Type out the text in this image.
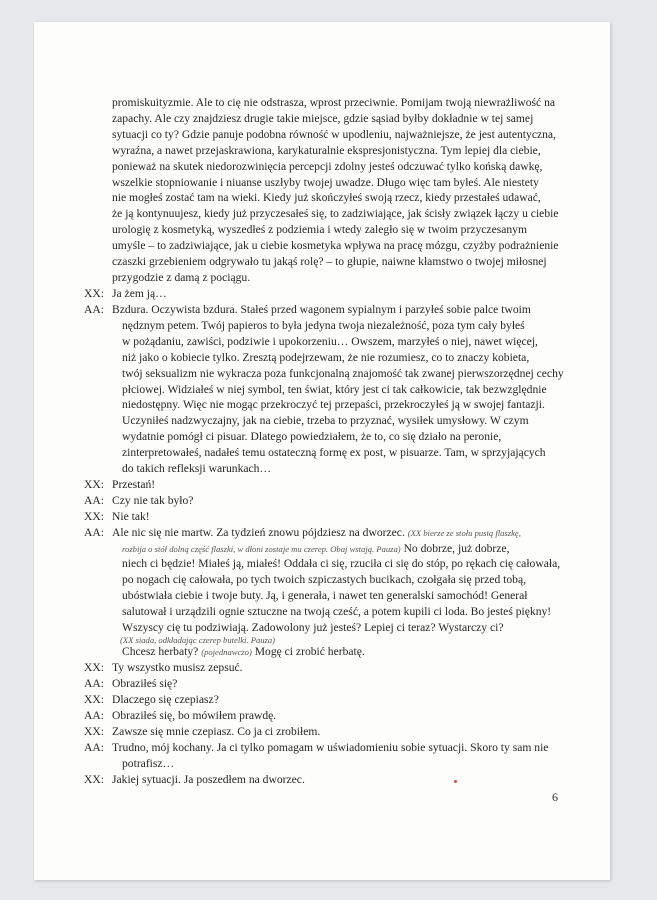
promiskuityzmie. Ale to cię nie odstrasza, wprost przeciwnie. Pomijam twoją niewrażliwość na
zapachy. Ale czy znajdziesz drugie takie miejsce, gdzie sąsiad byłby dokładnie w tej samej
sytuacji co ty? Gdzie panuje podobna równość w upodleniu, najważniejsze, że jest autentyczna,
wyraźna, a nawet przejaskrawiona, karykaturalnie ekspresjonistyczna. Tym lepiej dla ciebie,
ponieważ na skutek niedorozwinięcia percepcji zdolny jesteś odczuwać tylko końską dawkę,
wszelkie stopniowanie i niuanse uszłyby twojej uwadze. Długo więc tam byłeś. Ale niestety
nie mogłeś zostać tam na wieki. Kiedy już skończyłeś swoją rzecz, kiedy przestałeś udawać,
że ją kontynuujesz, kiedy już przyczesałeś się, to zadziwiające, jak ścisły związek łączy u ciebie
urologię z kosmetyką, wyszedłeś z podziemia i wtedy zaległo się w twoim przyczesanym
umyśle – to zadziwiające, jak u ciebie kosmetyka wpływa na pracę mózgu, czyżby podrażnienie
czaszki grzebieniem odgrywało tu jakąś rolę? – to głupie, naiwne kłamstwo o twojej miłosnej
przygodzie z damą z pociągu.
XX: Ja żem ją…
AA: Bzdura. Oczywista bzdura. Stałeś przed wagonem sypialnym i parzyłeś sobie palce twoim
nędznym petem. Twój papieros to była jedyna twoja niezależność, poza tym cały byłeś
w pożądaniu, zawiści, podziwie i upokorzeniu… Owszem, marzyłeś o niej, nawet więcej,
niż jako o kobiecie tylko. Zresztą podejrzewam, że nie rozumiesz, co to znaczy kobieta,
twój seksualizm nie wykracza poza funkcjonalną znajomość tak zwanej pierwszorzędnej cechy
płciowej. Widziałeś w niej symbol, ten świat, który jest ci tak całkowicie, tak bezwzględnie
niedostępny. Więc nie mogąc przekroczyć tej przepaści, przekroczyłeś ją w swojej fantazji.
Uczyniłeś nadzwyczajny, jak na ciebie, trzeba to przyznać, wysiłek umysłowy. W czym
wydatnie pomógł ci pisuar. Dlatego powiedziałem, że to, co się działo na peronie,
zinterpretowałeś, nadałeś temu ostateczną formę ex post, w pisuarze. Tam, w sprzyjających
do takich refleksji warunkach…
XX: Przestań!
AA: Czy nie tak było?
XX: Nie tak!
AA: Ale nic się nie martw. Za tydzień znowu pójdziesz na dworzec. (XX bierze ze stołu pustą flaszkę,
rozbija o stół dolną część flaszki, w dłoni zostaje mu czerep. Obaj wstają. Pauza) No dobrze, już dobrze,
niech ci będzie! Miałeś ją, miałeś! Oddała ci się, rzuciła ci się do stóp, po rękach cię całowała,
po nogach cię całowała, po tych twoich szpiczastych bucikach, czołgała się przed tobą,
ubóstwiała ciebie i twoje buty. Ją, i generała, i nawet ten generalski samochód! Generał
salutował i urządzili ognie sztuczne na twoją cześć, a potem kupili ci loda. Bo jesteś piękny!
Wszyscy cię tu podziwiają. Zadowolony już jesteś? Lepiej ci teraz? Wystarczy ci?
(XX siada, odkładając czerep butelki. Pauza)
Chcesz herbaty? (pojednawczo) Mogę ci zrobić herbatę.
XX: Ty wszystko musisz zepsuć.
AA: Obraziłeś się?
XX: Dlaczego się czepiasz?
AA: Obraziłeś się, bo mówiłem prawdę.
XX: Zawsze się mnie czepiasz. Co ja ci zrobiłem.
AA: Trudno, mój kochany. Ja ci tylko pomagam w uświadomieniu sobie sytuacji. Skoro ty sam nie
potrafisz…
XX: Jakiej sytuacji. Ja poszedłem na dworzec.
6
